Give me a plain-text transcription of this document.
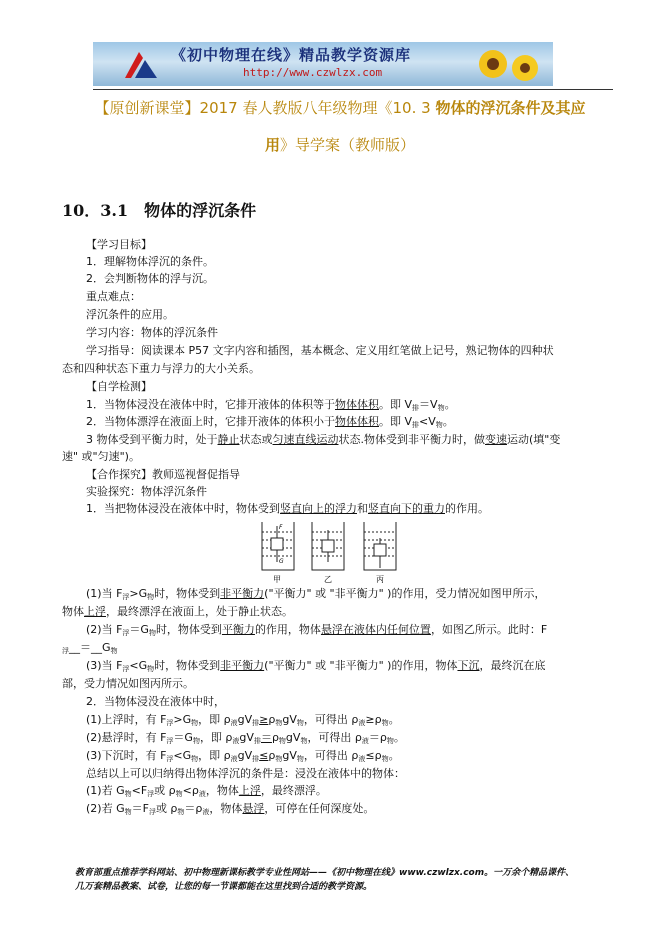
《初中物理在线》精品教学资源库
http://www.czwlzx.com
【原创新课堂】2017 春人教版八年级物理《10. 3 物体的浮沉条件及其应
用》导学案（教师版）
10．3.1　物体的浮沉条件
【学习目标】
1．理解物体浮沉的条件。
2．会判断物体的浮与沉。
重点难点：
浮沉条件的应用。
学习内容：物体的浮沉条件
学习指导：阅读课本 P57 文字内容和插图，基本概念、定义用红笔做上记号，熟记物体的四种状
态和四种状态下重力与浮力的大小关系。
【自学检测】
1．当物体浸没在液体中时，它排开液体的体积等于物体体积。即 $V_排=V_物$。
2．当物体漂浮在液面上时，它排开液体的体积小于物体体积。即 $V_排<V_物$。
3 物体受到平衡力时，处于静止状态或匀速直线运动状态.物体受到非平衡力时，做变速运动(填"变
速" 或"匀速")。
【合作探究】教师巡视督促指导
实验探究：物体浮沉条件
1．当把物体浸没在液体中时，物体受到竖直向上的浮力和竖直向下的重力的作用。
F
G
甲	乙	丙
(1)当 $F_浮>G_物$时，物体受到非平衡力("平衡力" 或 "非平衡力" )的作用，受力情况如图甲所示，
物体上浮，最终漂浮在液面上，处于静止状态。
(2)当 $F_浮=G_物$时，物体受到平衡力的作用，物体悬浮在液体内任何位置，如图乙所示。此时：F
$_浮\_\_=\_\_G_物$
(3)当 $F_浮<G_物$时，物体受到非平衡力("平衡力" 或 "非平衡力" )的作用，物体下沉，最终沉在底
部，受力情况如图丙所示。
2．当物体浸没在液体中时，
(1)上浮时，有 $F_浮>G_物$，即 $\rho_液gV_排\ge\rho_物gV_物$，可得出 $\rho_液\ge\rho_物$。
(2)悬浮时，有 $F_浮=G_物$，即 $\rho_液gV_排=\rho_物gV_物$，可得出 $\rho_液=\rho_物$。
(3)下沉时，有 $F_浮<G_物$，即 $\rho_液gV_排\le\rho_物gV_物$，可得出 $\rho_液\le\rho_物$。
总结以上可以归纳得出物体浮沉的条件是：浸没在液体中的物体：
(1)若 $G_物<F_浮$或 $\rho_物<\rho_液$，物体上浮，最终漂浮。
(2)若 $G_物=F_浮$或 $\rho_物=\rho_液$，物体悬浮，可停在任何深度处。
教育部重点推荐学科网站、初中物理新课标教学专业性网站——《初中物理在线》www.czwlzx.com。一万余个精品课件、
几万套精品教案、试卷，让您的每一节课都能在这里找到合适的教学资源。
